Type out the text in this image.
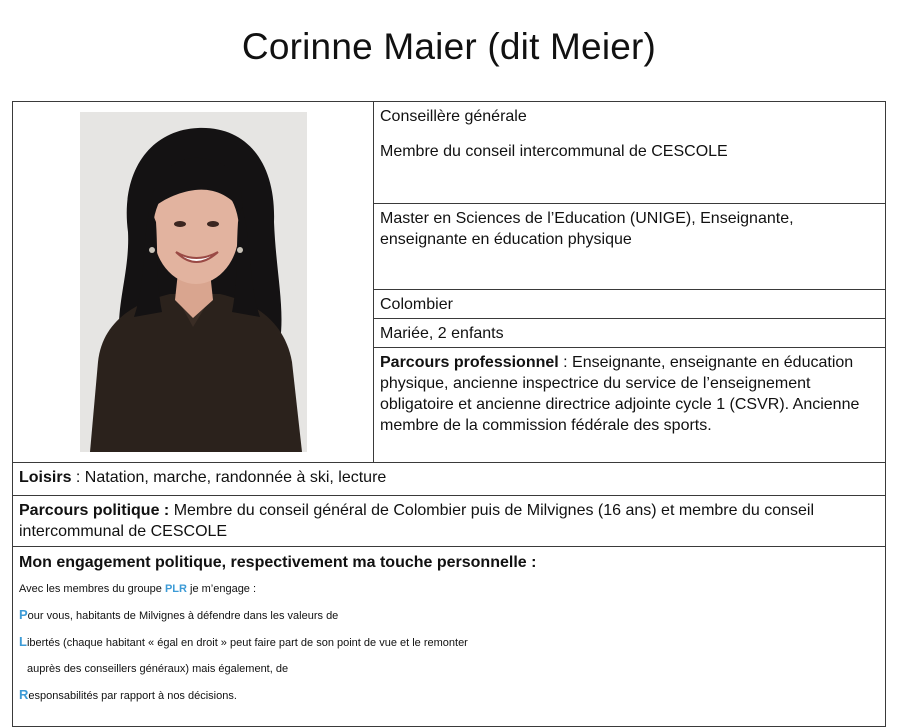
Corinne Maier (dit Meier)

Conseillère générale
Membre du conseil intercommunal de CESCOLE

Master en Sciences de l’Education (UNIGE), Enseignante, enseignante en éducation physique

Colombier

Mariée, 2 enfants

Parcours professionnel : Enseignante, enseignante en éducation physique, ancienne inspectrice du service de l’enseignement obligatoire et ancienne directrice adjointe cycle 1 (CSVR). Ancienne membre de la commission fédérale des sports.

Loisirs : Natation, marche, randonnée à ski, lecture

Parcours politique : Membre du conseil général de Colombier puis de Milvignes (16 ans) et membre du conseil intercommunal de CESCOLE

Mon engagement politique, respectivement ma touche personnelle :

Avec les membres du groupe PLR je m’engage :

Pour vous, habitants de Milvignes à défendre dans les valeurs de

Libertés (chaque habitant « égal en droit » peut faire part de son point de vue et le remonter

auprès des conseillers généraux) mais également, de

Responsabilités par rapport à nos décisions.
